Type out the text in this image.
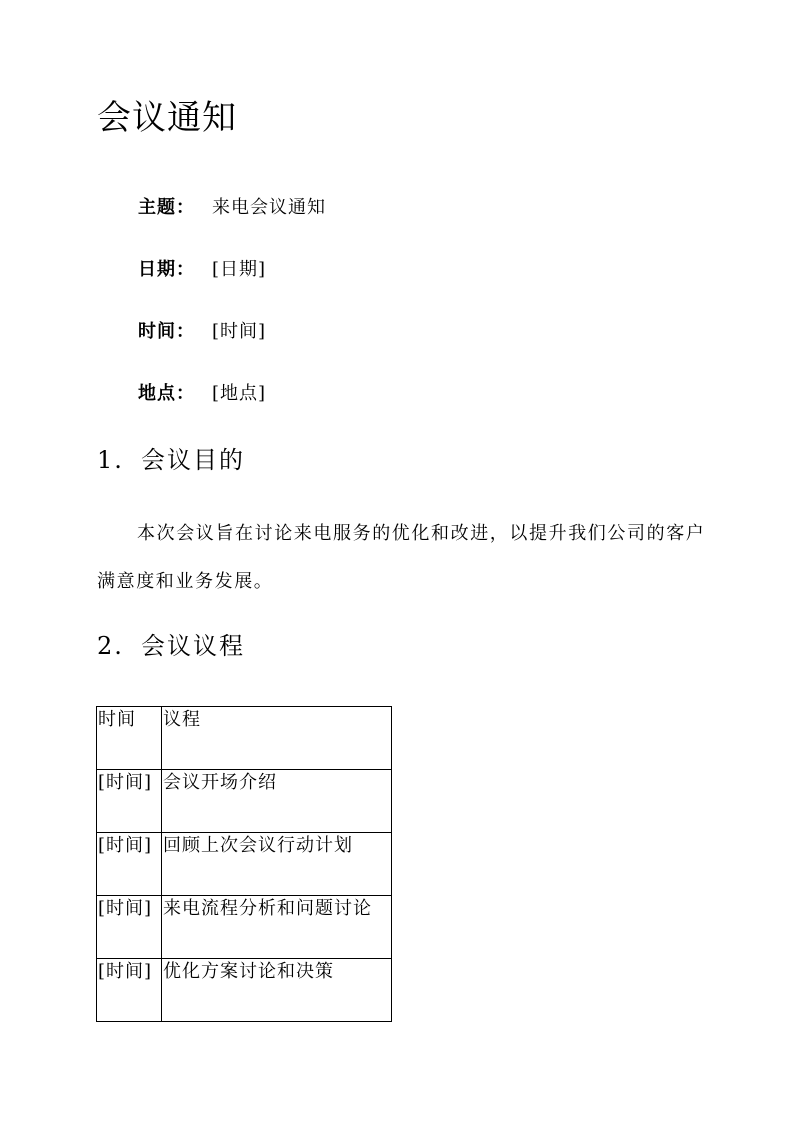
会议通知
主题： 来电会议通知
日期： [日期]
时间： [时间]
地点： [地点]
1. 会议目的

本次会议旨在讨论来电服务的优化和改进，以提升我们公司的客户满意度和业务发展。

2. 会议议程
时间	议程
[时间]	会议开场介绍
[时间]	回顾上次会议行动计划
[时间]	来电流程分析和问题讨论
[时间]	优化方案讨论和决策
